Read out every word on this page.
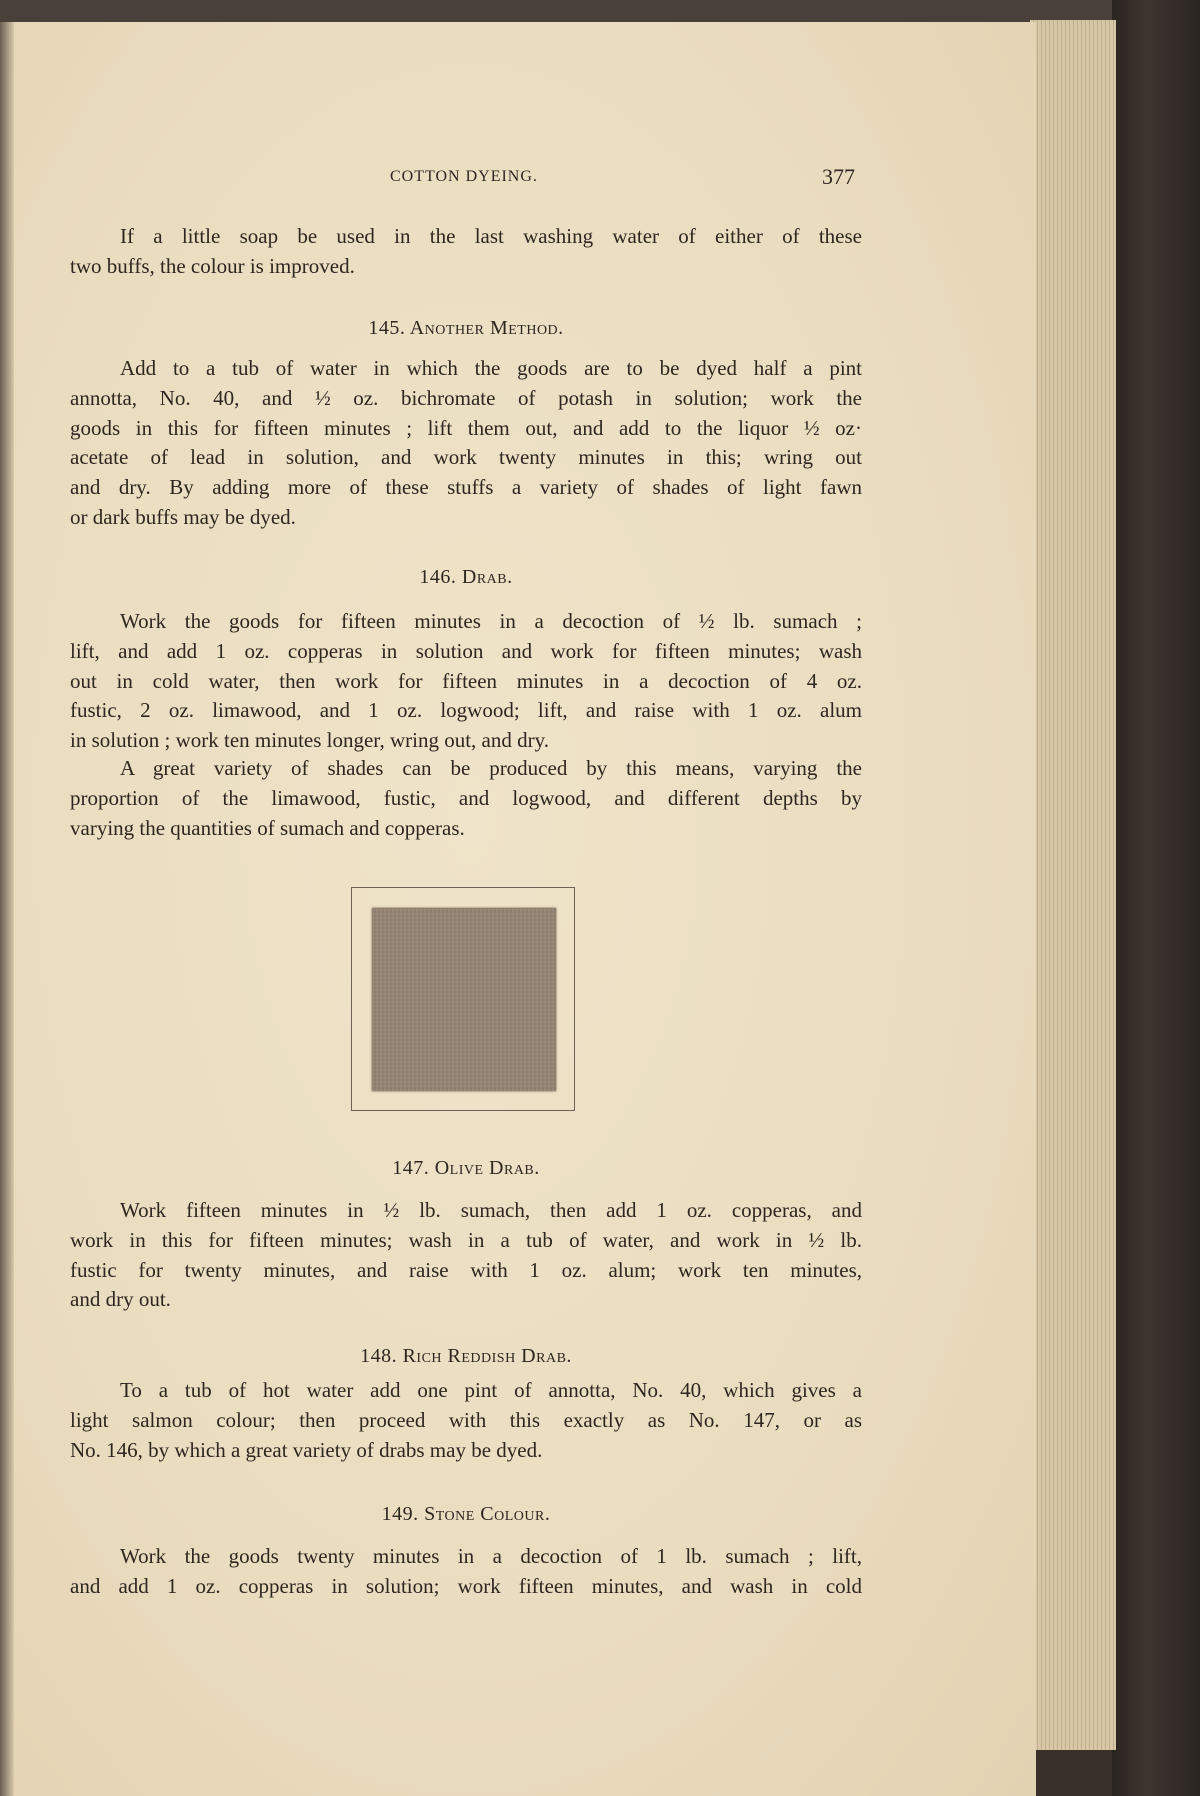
COTTON DYEING.	377
If a little soap be used in the last washing water of either of these
two buffs, the colour is improved.
145. Another Method.
Add to a tub of water in which the goods are to be dyed half a pint
annotta, No. 40, and ½ oz. bichromate of potash in solution; work the
goods in this for fifteen minutes ; lift them out, and add to the liquor ½ oz·
acetate of lead in solution, and work twenty minutes in this; wring out
and dry. By adding more of these stuffs a variety of shades of light fawn
or dark buffs may be dyed.
146. Drab.
Work the goods for fifteen minutes in a decoction of ½ lb. sumach ;
lift, and add 1 oz. copperas in solution and work for fifteen minutes; wash
out in cold water, then work for fifteen minutes in a decoction of 4 oz.
fustic, 2 oz. limawood, and 1 oz. logwood; lift, and raise with 1 oz. alum
in solution ; work ten minutes longer, wring out, and dry.
A great variety of shades can be produced by this means, varying the
proportion of the limawood, fustic, and logwood, and different depths by
varying the quantities of sumach and copperas.
147. Olive Drab.
Work fifteen minutes in ½ lb. sumach, then add 1 oz. copperas, and
work in this for fifteen minutes; wash in a tub of water, and work in ½ lb.
fustic for twenty minutes, and raise with 1 oz. alum; work ten minutes,
and dry out.
148. Rich Reddish Drab.
To a tub of hot water add one pint of annotta, No. 40, which gives a
light salmon colour; then proceed with this exactly as No. 147, or as
No. 146, by which a great variety of drabs may be dyed.
149. Stone Colour.
Work the goods twenty minutes in a decoction of 1 lb. sumach ; lift,
and add 1 oz. copperas in solution; work fifteen minutes, and wash in cold
